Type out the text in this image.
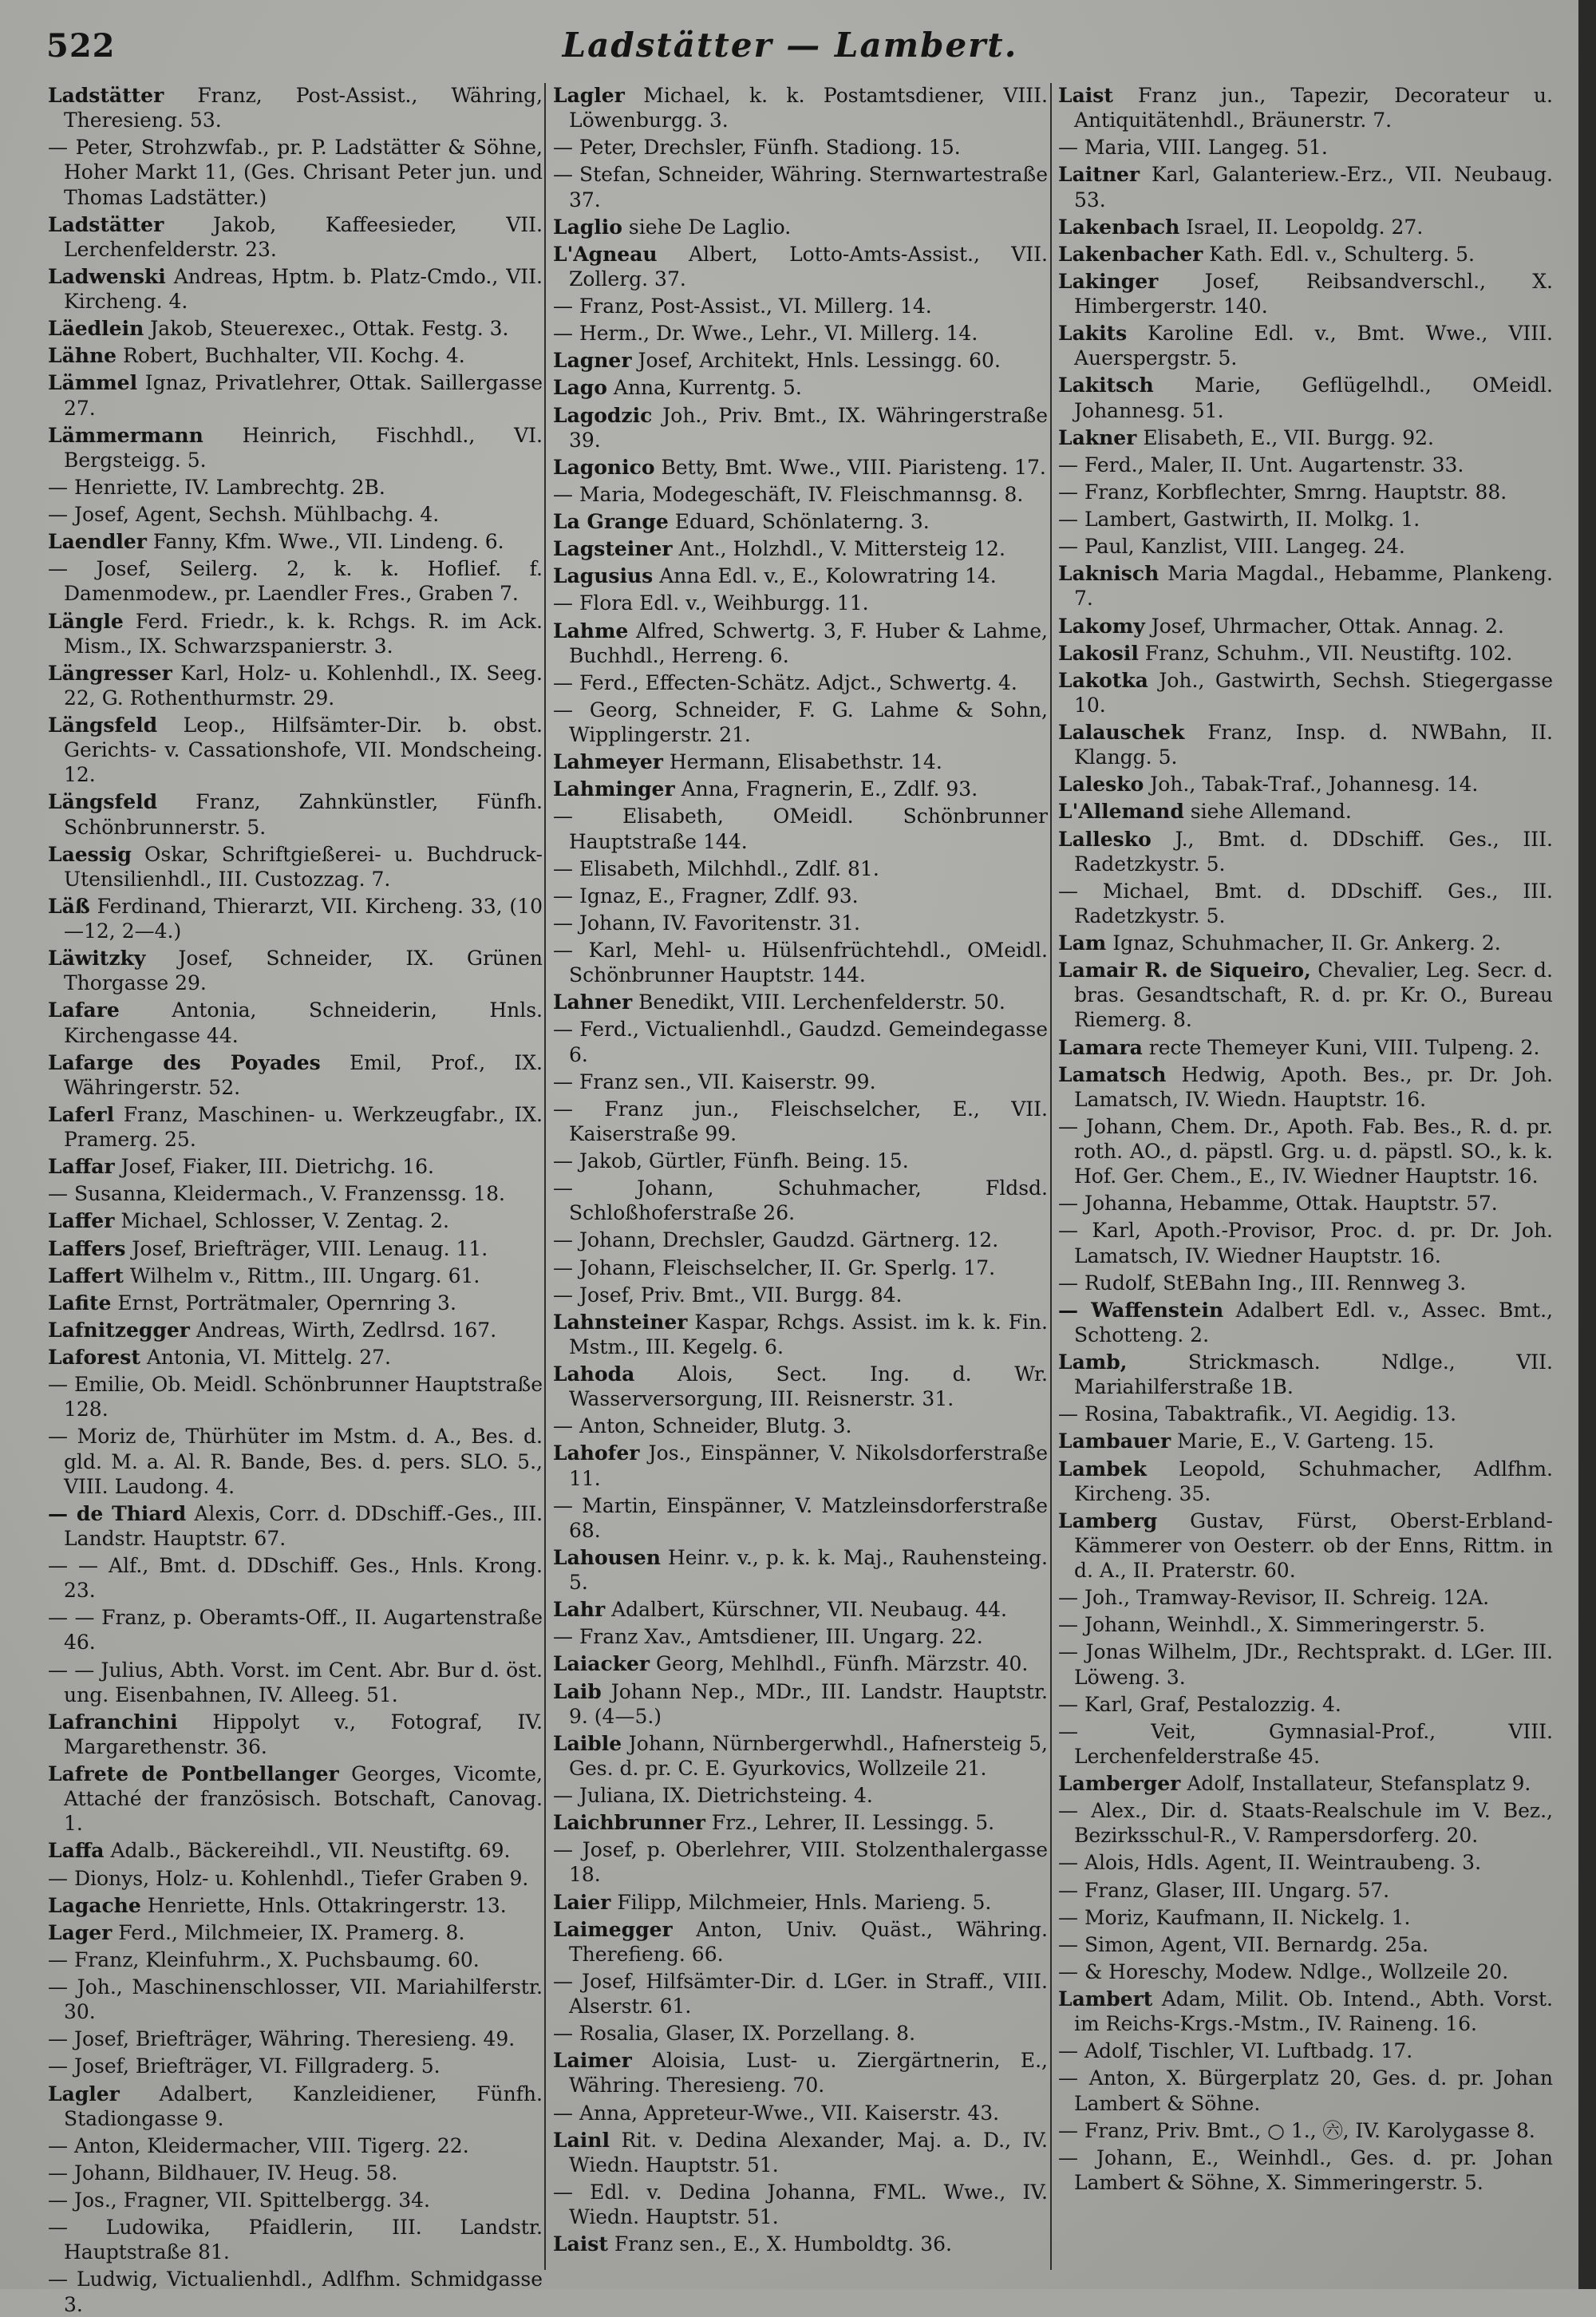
522	Ladstätter — Lambert.

Ladstätter Franz, Post-Assist., Währing, Theresieng. 53.

— Peter, Strohzwfab., pr. P. Ladstätter & Söhne, Hoher Markt 11, (Ges. Chrisant Peter jun. und Thomas Ladstätter.)

Ladstätter Jakob, Kaffeesieder, VII. Lerchenfelderstr. 23.

Ladwenski Andreas, Hptm. b. Platz-Cmdo., VII. Kircheng. 4.

Läedlein Jakob, Steuerexec., Ottak. Festg. 3.

Lähne Robert, Buchhalter, VII. Kochg. 4.

Lämmel Ignaz, Privatlehrer, Ottak. Saillergasse 27.

Lämmermann Heinrich, Fischhdl., VI. Bergsteigg. 5.

— Henriette, IV. Lambrechtg. 2B.

— Josef, Agent, Sechsh. Mühlbachg. 4.

Laendler Fanny, Kfm. Wwe., VII. Lindeng. 6.

— Josef, Seilerg. 2, k. k. Hoflief. f. Damenmodew., pr. Laendler Fres., Graben 7.

Längle Ferd. Friedr., k. k. Rchgs. R. im Ack. Mism., IX. Schwarzspanierstr. 3.

Längresser Karl, Holz- u. Kohlenhdl., IX. Seeg. 22, G. Rothenthurmstr. 29.

Längsfeld Leop., Hilfsämter-Dir. b. obst. Gerichts- v. Cassationshofe, VII. Mondscheing. 12.

Längsfeld Franz, Zahnkünstler, Fünfh. Schönbrunnerstr. 5.

Laessig Oskar, Schriftgießerei- u. Buchdruck-Utensilienhdl., III. Custozzag. 7.

Läß Ferdinand, Thierarzt, VII. Kircheng. 33, (10—12, 2—4.)

Läwitzky Josef, Schneider, IX. Grünen Thorgasse 29.

Lafare	Antonia, Schneiderin, Hnls. Kirchengasse 44.

Lafarge des Poyades Emil, Prof., IX. Währingerstr. 52.

Laferl Franz, Maschinen- u. Werkzeugfabr., IX. Pramerg. 25.

Laffar Josef, Fiaker, III. Dietrichg. 16.

— Susanna, Kleidermach., V. Franzenssg. 18.

Laffer Michael, Schlosser, V. Zentag. 2.

Laffers Josef, Briefträger, VIII. Lenaug. 11.

Laffert Wilhelm v., Rittm., III. Ungarg. 61.

Lafite Ernst, Porträtmaler, Opernring 3.

Lafnitzegger Andreas, Wirth, Zedlrsd. 167.

Laforest Antonia, VI. Mittelg. 27.

— Emilie, Ob. Meidl. Schönbrunner Hauptstraße 128.

— Moriz de, Thürhüter im Mstm. d. A., Bes. d. gld. M. a. Al. R. Bande, Bes. d. pers. SLO. 5., VIII. Laudong. 4.

— de Thiard Alexis, Corr. d. DDschiff.-Ges., III. Landstr. Hauptstr. 67.

— — Alf., Bmt. d. DDschiff. Ges., Hnls. Krong. 23.

— — Franz, p. Oberamts-Off., II. Augartenstraße 46.

— — Julius, Abth. Vorst. im Cent. Abr. Bur d. öst. ung. Eisenbahnen, IV. Alleeg. 51.

Lafranchini Hippolyt v., Fotograf, IV. Margarethenstr. 36.

Lafrete de Pontbellanger Georges, Vicomte, Attaché der französisch. Botschaft, Canovag. 1.

Laffa Adalb., Bäckereihdl., VII. Neustiftg. 69.

— Dionys, Holz- u. Kohlenhdl., Tiefer Graben 9.

Lagache Henriette, Hnls. Ottakringerstr. 13.

Lager Ferd., Milchmeier, IX. Pramerg. 8.

— Franz, Kleinfuhrm., X. Puchsbaumg. 60.

— Joh., Maschinenschlosser, VII. Mariahilferstr. 30.

— Josef, Briefträger, Währing. Theresieng. 49.

— Josef, Briefträger, VI. Fillgraderg. 5.

Lagler Adalbert, Kanzleidiener, Fünfh. Stadiongasse 9.

— Anton, Kleidermacher, VIII. Tigerg. 22.

— Johann, Bildhauer, IV. Heug. 58.

— Jos., Fragner, VII. Spittelbergg. 34.

— Ludowika, Pfaidlerin, III. Landstr. Hauptstraße 81.

— Ludwig, Victualienhdl., Adlfhm. Schmidgasse 3.

Lagler Michael, k. k. Postamtsdiener, VIII. Löwenburgg. 3.

— Peter, Drechsler, Fünfh. Stadiong. 15.

— Stefan, Schneider, Währing. Sternwartestraße 37.

Laglio siehe De Laglio.

L'Agneau Albert, Lotto-Amts-Assist., VII. Zollerg. 37.

— Franz, Post-Assist., VI. Millerg. 14.

— Herm., Dr. Wwe., Lehr., VI. Millerg. 14.

Lagner Josef, Architekt, Hnls. Lessingg. 60.

Lago Anna, Kurrentg. 5.

Lagodzic Joh., Priv. Bmt., IX. Währingerstraße 39.

Lagonico Betty, Bmt. Wwe., VIII. Piaristeng. 17.

— Maria, Modegeschäft, IV. Fleischmannsg. 8.

La Grange Eduard, Schönlaterng. 3.

Lagsteiner Ant., Holzhdl., V. Mittersteig 12.

Lagusius Anna Edl. v., E., Kolowratring 14.

— Flora Edl. v., Weihburgg. 11.

Lahme Alfred, Schwertg. 3, F. Huber & Lahme, Buchhdl., Herreng. 6.

— Ferd., Effecten-Schätz. Adjct., Schwertg. 4.

— Georg, Schneider, F. G. Lahme & Sohn, Wipplingerstr. 21.

Lahmeyer Hermann, Elisabethstr. 14.

Lahminger Anna, Fragnerin, E., Zdlf. 93.

— Elisabeth, OMeidl. Schönbrunner Hauptstraße 144.

— Elisabeth, Milchhdl., Zdlf. 81.

— Ignaz, E., Fragner, Zdlf. 93.

— Johann, IV. Favoritenstr. 31.

— Karl, Mehl- u. Hülsenfrüchtehdl., OMeidl. Schönbrunner Hauptstr. 144.

Lahner Benedikt, VIII. Lerchenfelderstr. 50.

— Ferd., Victualienhdl., Gaudzd. Gemeindegasse 6.

— Franz sen., VII. Kaiserstr. 99.

— Franz jun., Fleischselcher, E., VII. Kaiserstraße 99.

— Jakob, Gürtler, Fünfh. Being. 15.

— Johann, Schuhmacher, Fldsd. Schloßhoferstraße 26.

— Johann, Drechsler, Gaudzd. Gärtnerg. 12.

— Johann, Fleischselcher, II. Gr. Sperlg. 17.

— Josef, Priv. Bmt., VII. Burgg. 84.

Lahnsteiner Kaspar, Rchgs. Assist. im k. k. Fin. Mstm., III. Kegelg. 6.

Lahoda Alois, Sect. Ing. d. Wr. Wasserversorgung, III. Reisnerstr. 31.

— Anton, Schneider, Blutg. 3.

Lahofer Jos., Einspänner, V. Nikolsdorferstraße 11.

— Martin, Einspänner, V. Matzleinsdorferstraße 68.

Lahousen Heinr. v., p. k. k. Maj., Rauhensteing. 5.

Lahr Adalbert, Kürschner, VII. Neubaug. 44.

— Franz Xav., Amtsdiener, III. Ungarg. 22.

Laiacker Georg, Mehlhdl., Fünfh. Märzstr. 40.

Laib Johann Nep., MDr., III. Landstr. Hauptstr. 9. (4—5.)

Laible Johann, Nürnbergerwhdl., Hafnersteig 5, Ges. d. pr. C. E. Gyurkovics, Wollzeile 21.

— Juliana, IX. Dietrichsteing. 4.

Laichbrunner Frz., Lehrer, II. Lessingg. 5.

— Josef, p. Oberlehrer, VIII. Stolzenthalergasse 18.

Laier Filipp, Milchmeier, Hnls. Marieng. 5.

Laimegger Anton, Univ. Quäst., Währing. Therefieng. 66.

— Josef, Hilfsämter-Dir. d. LGer. in Straff., VIII. Alserstr. 61.

— Rosalia, Glaser, IX. Porzellang. 8.

Laimer Aloisia, Lust- u. Ziergärtnerin, E., Währing. Theresieng. 70.

— Anna, Appreteur-Wwe., VII. Kaiserstr. 43.

Lainl Rit. v. Dedina Alexander, Maj. a. D., IV. Wiedn. Hauptstr. 51.

— Edl. v. Dedina Johanna, FML. Wwe., IV. Wiedn. Hauptstr. 51.

Laist Franz sen., E., X. Humboldtg. 36.

Laist Franz jun., Tapezir, Decorateur u. Antiquitätenhdl., Bräunerstr. 7.

— Maria, VIII. Langeg. 51.

Laitner Karl, Galanteriew.-Erz., VII. Neubaug. 53.

Lakenbach Israel, II. Leopoldg. 27.

Lakenbacher Kath. Edl. v., Schulterg. 5.

Lakinger Josef, Reibsandverschl., X. Himbergerstr. 140.

Lakits Karoline Edl. v., Bmt. Wwe., VIII. Auerspergstr. 5.

Lakitsch Marie, Geflügelhdl., OMeidl. Johannesg. 51.

Lakner Elisabeth, E., VII. Burgg. 92.

— Ferd., Maler, II. Unt. Augartenstr. 33.

— Franz, Korbflechter, Smrng. Hauptstr. 88.

— Lambert, Gastwirth, II. Molkg. 1.

— Paul, Kanzlist, VIII. Langeg. 24.

Laknisch Maria Magdal., Hebamme, Plankeng. 7.

Lakomy Josef, Uhrmacher, Ottak. Annag. 2.

Lakosil Franz, Schuhm., VII. Neustiftg. 102.

Lakotka Joh., Gastwirth, Sechsh. Stiegergasse 10.

Lalauschek Franz, Insp. d. NWBahn, II. Klangg. 5.

Lalesko Joh., Tabak-Traf., Johannesg. 14.

L'Allemand siehe Allemand.

Lallesko J., Bmt. d. DDschiff. Ges., III. Radetzkystr. 5.

— Michael, Bmt. d. DDschiff. Ges., III. Radetzkystr. 5.

Lam Ignaz, Schuhmacher, II. Gr. Ankerg. 2.

Lamair R. de Siqueiro, Chevalier, Leg. Secr. d. bras. Gesandtschaft, R. d. pr. Kr. O., Bureau Riemerg. 8.

Lamara recte Themeyer Kuni, VIII. Tulpeng. 2.

Lamatsch Hedwig, Apoth. Bes., pr. Dr. Joh. Lamatsch, IV. Wiedn. Hauptstr. 16.

— Johann, Chem. Dr., Apoth. Fab. Bes., R. d. pr. roth. AO., d. päpstl. Grg. u. d. päpstl. SO., k. k. Hof. Ger. Chem., E., IV. Wiedner Hauptstr. 16.

— Johanna, Hebamme, Ottak. Hauptstr. 57.

— Karl, Apoth.-Provisor, Proc. d. pr. Dr. Joh. Lamatsch, IV. Wiedner Hauptstr. 16.

— Rudolf, StEBahn Ing., III. Rennweg 3.

— Waffenstein Adalbert Edl. v., Assec. Bmt., Schotteng. 2.

Lamb,	Strickmasch. Ndlge., VII. Mariahilferstraße 1B.

— Rosina, Tabaktrafik., VI. Aegidig. 13.

Lambauer Marie, E., V. Garteng. 15.

Lambek Leopold, Schuhmacher, Adlfhm. Kircheng. 35.

Lamberg Gustav, Fürst, Oberst-Erbland-Kämmerer von Oesterr. ob der Enns, Rittm. in d. A., II. Praterstr. 60.

— Joh., Tramway-Revisor, II. Schreig. 12A.

— Johann, Weinhdl., X. Simmeringerstr. 5.

— Jonas Wilhelm, JDr., Rechtsprakt. d. LGer. III. Löweng. 3.

— Karl, Graf, Pestalozzig. 4.

— Veit, Gymnasial-Prof., VIII. Lerchenfelderstraße 45.

Lamberger Adolf, Installateur, Stefansplatz 9.

— Alex., Dir. d. Staats-Realschule im V. Bez., Bezirksschul-R., V. Rampersdorferg. 20.

— Alois, Hdls. Agent, II. Weintraubeng. 3.

— Franz, Glaser, III. Ungarg. 57.

— Moriz, Kaufmann, II. Nickelg. 1.

— Simon, Agent, VII. Bernardg. 25a.

— & Horeschy, Modew. Ndlge., Wollzeile 20.

Lambert Adam, Milit. Ob. Intend., Abth. Vorst. im Reichs-Krgs.-Mstm., IV. Raineng. 16.

— Adolf, Tischler, VI. Luftbadg. 17.

— Anton, X. Bürgerplatz 20, Ges. d. pr. Johan Lambert & Söhne.

— Franz, Priv. Bmt., ○ 1., ㊅, IV. Karolygasse 8.

— Johann, E., Weinhdl., Ges. d. pr. Johan Lambert & Söhne, X. Simmeringerstr. 5.
